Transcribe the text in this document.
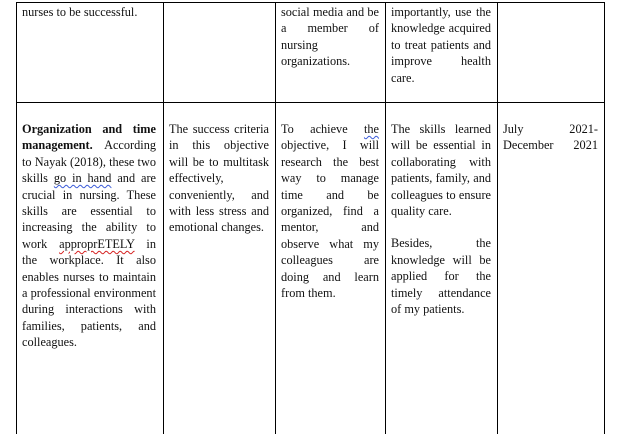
nurses to be successful.	social media and be a member of nursing organizations.

importantly, use the knowledge acquired to treat patients and improve health care.

Organization and time management. According to Nayak (2018), these two skills go in hand and are crucial in nursing. These skills are essential to increasing the ability to work approprETELY in the workplace. It also enables nurses to maintain a professional environment during interactions with families, patients, and colleagues.

The success criteria in this objective will be to multitask effectively, conveniently, and with less stress and emotional changes.

To achieve the objective, I will research the best way to manage time and be organized, find a mentor, and observe what my colleagues are doing and learn from them.

The skills learned will be essential in collaborating with patients, family, and colleagues to ensure quality care.

Besides, the knowledge will be applied for the timely attendance of my patients.

July 2021-December 2021
